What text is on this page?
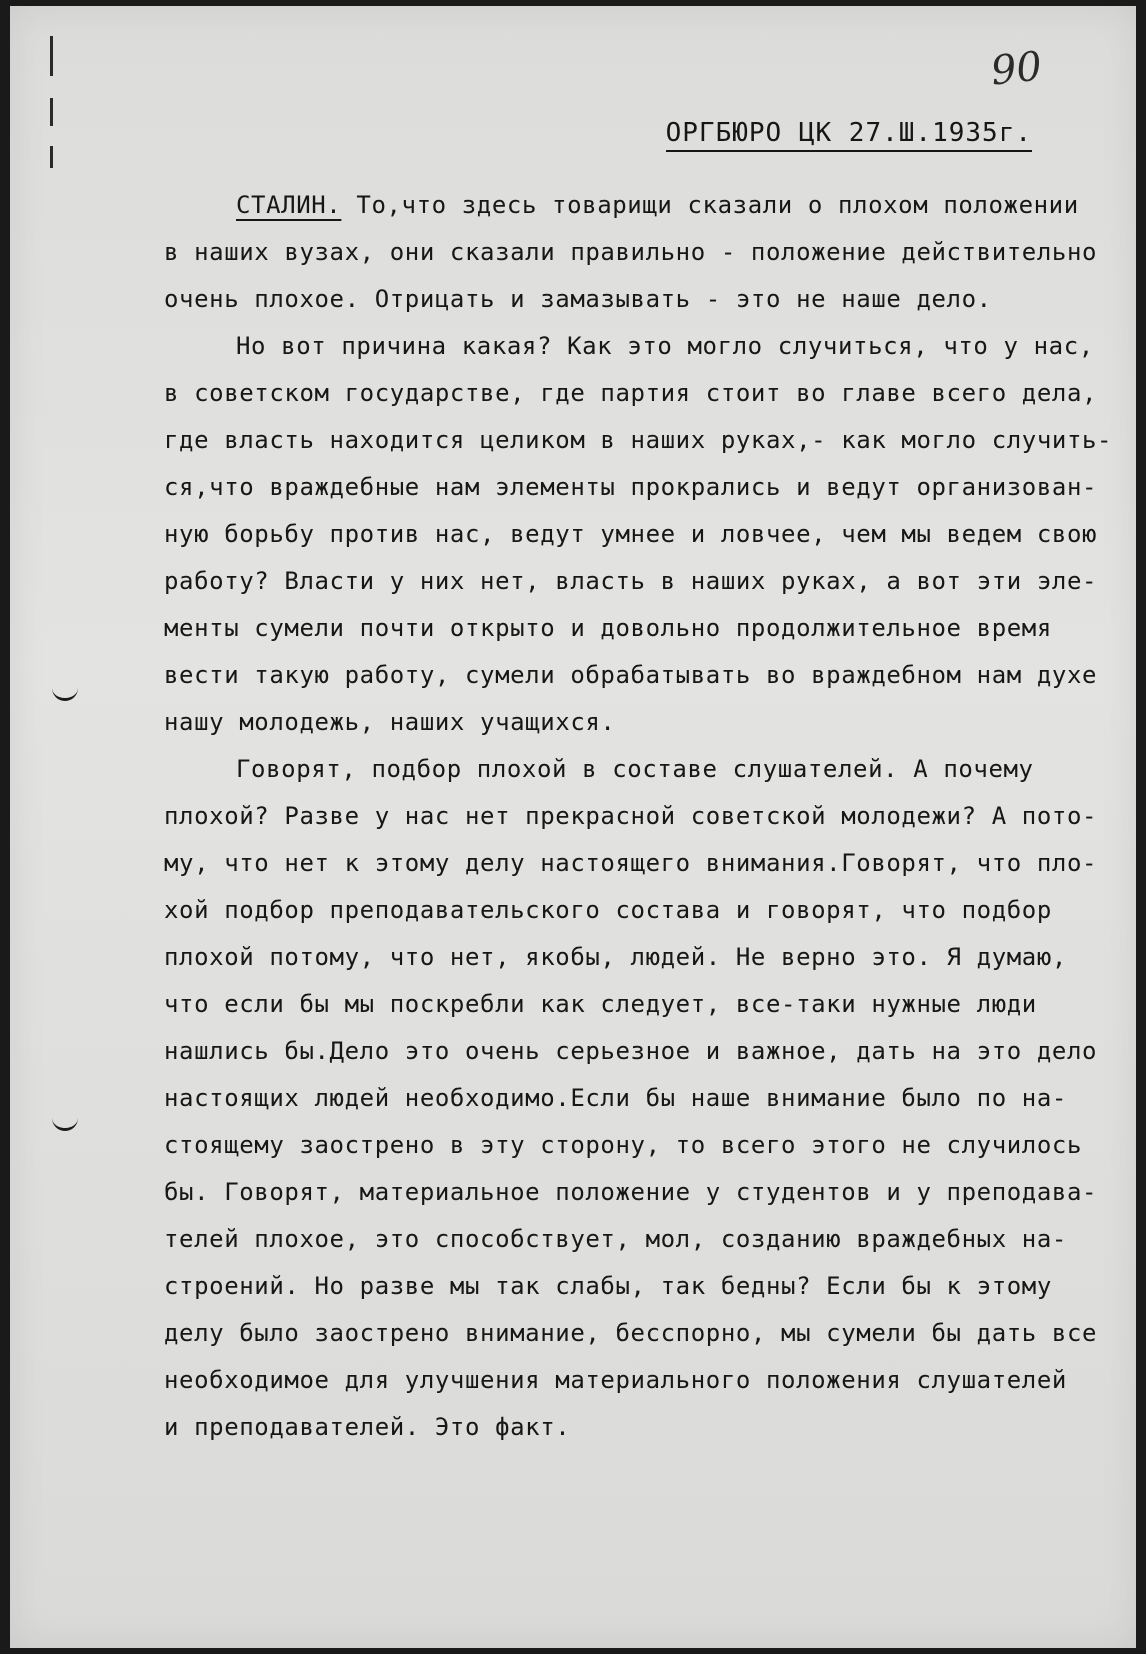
90
ОРГБЮРО ЦК 27.Ш.1935г.
СТАЛИН. То,что здесь товарищи сказали о плохом положении
в наших вузах, они сказали правильно - положение действительно
очень плохое. Отрицать и замазывать - это не наше дело.
Но вот причина какая? Как это могло случиться, что у нас,
в советском государстве, где партия стоит во главе всего дела,
где власть находится целиком в наших руках,- как могло случить-
ся,что враждебные нам элементы прокрались и ведут организован-
ную борьбу против нас, ведут умнее и ловчее, чем мы ведем свою
работу? Власти у них нет, власть в наших руках, а вот эти эле-
менты сумели почти открыто и довольно продолжительное время
вести такую работу, сумели обрабатывать во враждебном нам духе
нашу молодежь, наших учащихся.
Говорят, подбор плохой в составе слушателей. А почему
плохой? Разве у нас нет прекрасной советской молодежи? А пото-
му, что нет к этому делу настоящего внимания.Говорят, что пло-
хой подбор преподавательского состава и говорят, что подбор
плохой потому, что нет, якобы, людей. Не верно это. Я думаю,
что если бы мы поскребли как следует, все-таки нужные люди
нашлись бы.Дело это очень серьезное и важное, дать на это дело
настоящих людей необходимо.Если бы наше внимание было по на-
стоящему заострено в эту сторону, то всего этого не случилось
бы. Говорят, материальное положение у студентов и у преподава-
телей плохое, это способствует, мол, созданию враждебных на-
строений. Но разве мы так слабы, так бедны? Если бы к этому
делу было заострено внимание, бесспорно, мы сумели бы дать все
необходимое для улучшения материального положения слушателей
и преподавателей. Это факт.
